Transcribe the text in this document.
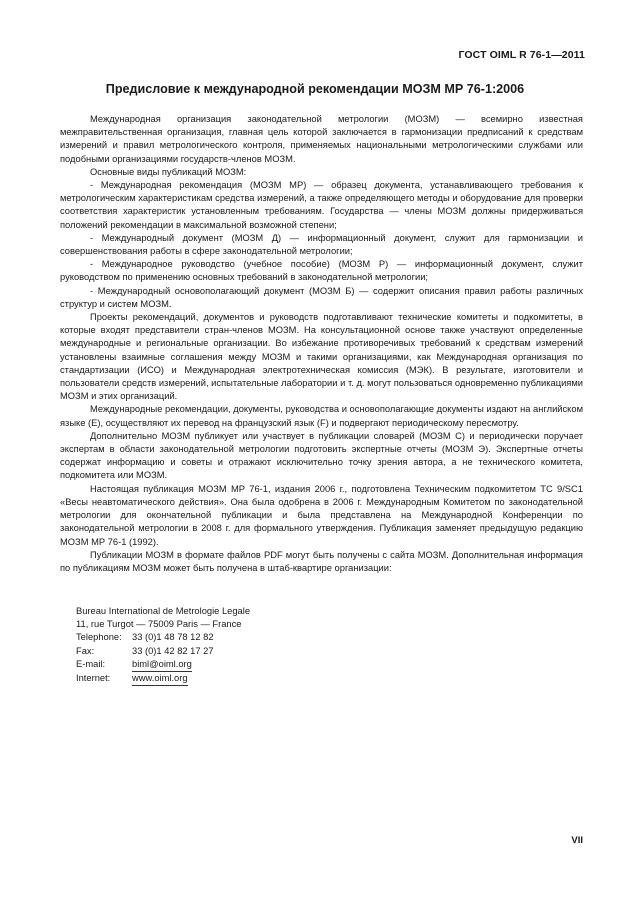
ГОСТ OIML R 76-1—2011
Предисловие к международной рекомендации МОЗМ МР 76-1:2006

Международная организация законодательной метрологии (МОЗМ) — всемирно известная межправительственная организация, главная цель которой заключается в гармонизации предписаний к средствам измерений и правил метрологического контроля, применяемых национальными метрологическими службами или подобными организациями государств-членов МОЗМ.

Основные виды публикаций МОЗМ:

- Международная рекомендация (МОЗМ МР) — образец документа, устанавливающего требования к метрологическим характеристикам средства измерений, а также определяющего методы и оборудование для проверки соответствия характеристик установленным требованиям. Государства — члены МОЗМ должны придерживаться положений рекомендации в максимальной возможной степени;

- Международный документ (МОЗМ Д) — информационный документ, служит для гармонизации и совершенствования работы в сфере законодательной метрологии;

- Международное руководство (учебное пособие) (МОЗМ Р) — информационный документ, служит руководством по применению основных требований в законодательной метрологии;

- Международный основополагающий документ (МОЗМ Б) — содержит описания правил работы различных структур и систем МОЗМ.

Проекты рекомендаций, документов и руководств подготавливают технические комитеты и подкомитеты, в которые входят представители стран-членов МОЗМ. На консультационной основе также участвуют определенные международные и региональные организации. Во избежание противоречивых требований к средствам измерений установлены взаимные соглашения между МОЗМ и такими организациями, как Международная организация по стандартизации (ИСО) и Международная электротехническая комиссия (МЭК). В результате, изготовители и пользователи средств измерений, испытательные лаборатории и т. д. могут пользоваться одновременно публикациями МОЗМ и этих организаций.

Международные рекомендации, документы, руководства и основополагающие документы издают на английском языке (Е), осуществляют их перевод на французский язык (F) и подвергают периодическому пересмотру.

Дополнительно МОЗМ публикует или участвует в публикации словарей (МОЗМ С) и периодически поручает экспертам в области законодательной метрологии подготовить экспертные отчеты (МОЗМ Э). Экспертные отчеты содержат информацию и советы и отражают исключительно точку зрения автора, а не технического комитета, подкомитета или МОЗМ.

Настоящая публикация МОЗМ МР 76-1, издания 2006 г., подготовлена Техническим подкомитетом ТС 9/SC1 «Весы неавтоматического действия». Она была одобрена в 2006 г. Международным Комитетом по законодательной метрологии для окончательной публикации и была представлена на Международной Конференции по законодательной метрологии в 2008 г. для формального утверждения. Публикация заменяет предыдущую редакцию МОЗМ МР 76-1 (1992).

Публикации МОЗМ в формате файлов PDF могут быть получены с сайта МОЗМ. Дополнительная информация по публикациям МОЗМ может быть получена в штаб-квартире организации:

Bureau International de Metrologie Legale
11, rue Turgot — 75009 Paris — France
Telephone:	33 (0)1 48 78 12 82
Fax:	33 (0)1 42 82 17 27
E-mail:	biml@oiml.org
Internet:	www.oiml.org
VII
